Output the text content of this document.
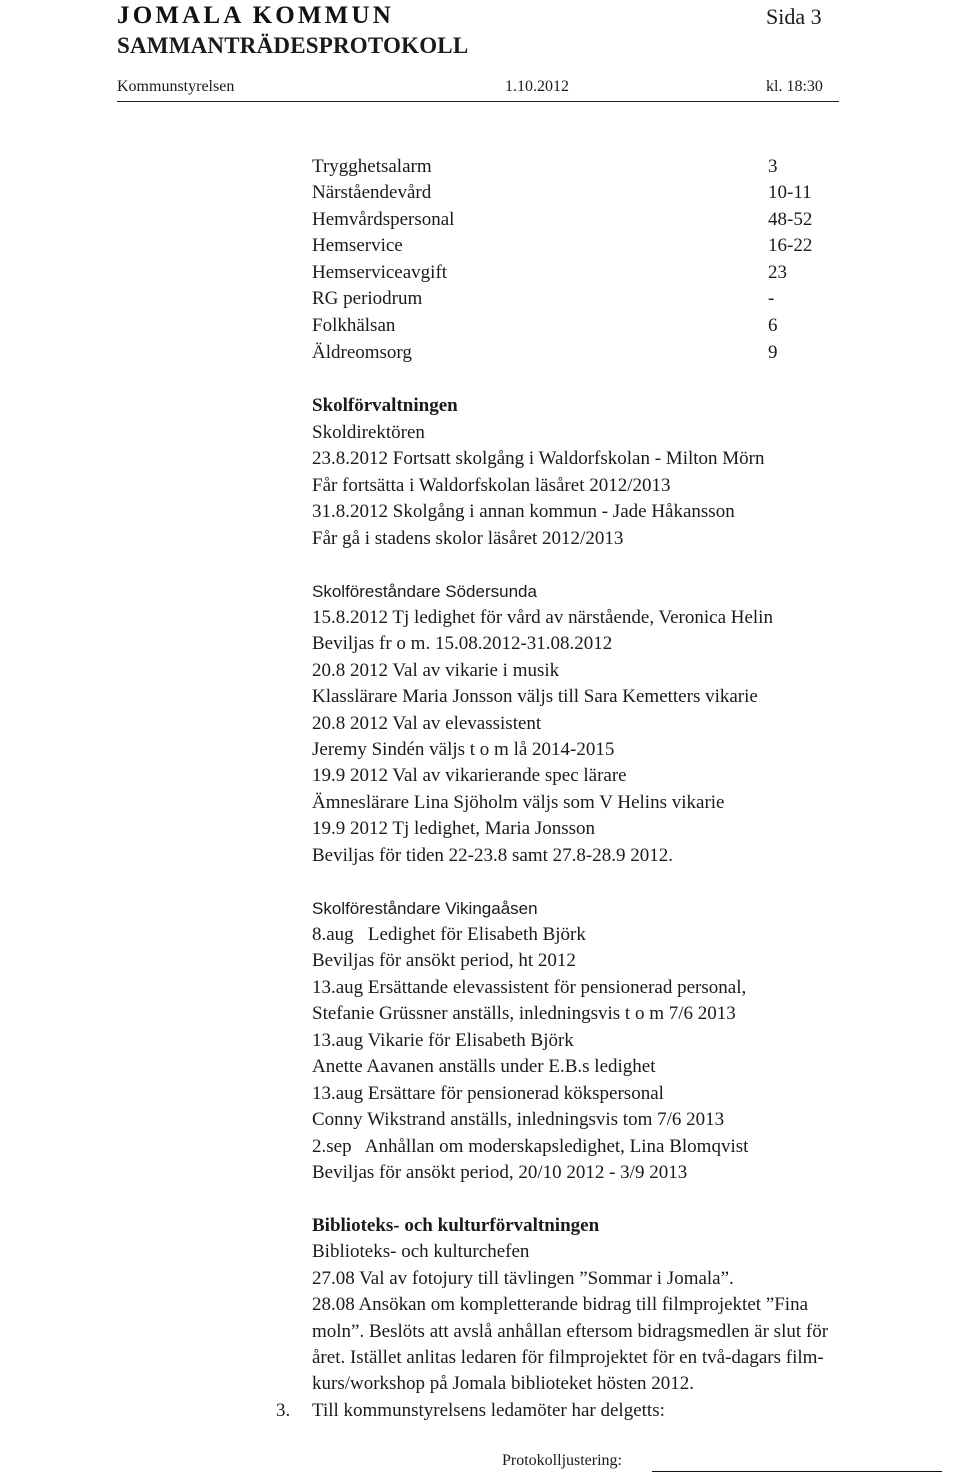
JOMALA KOMMUN	Sida 3
SAMMANTRÄDESPROTOKOLL
Kommunstyrelsen	1.10.2012	kl. 18:30
Trygghetsalarm	3
Närståendevård	10-11
Hemvårdspersonal	48-52
Hemservice	16-22
Hemserviceavgift	23
RG periodrum	-
Folkhälsan	6
Äldreomsorg	9
Skolförvaltningen
Skoldirektören
23.8.2012 Fortsatt skolgång i Waldorfskolan - Milton Mörn
Får fortsätta i Waldorfskolan läsåret 2012/2013
31.8.2012 Skolgång i annan kommun - Jade Håkansson
Får gå i stadens skolor läsåret 2012/2013
Skolföreståndare Södersunda
15.8.2012 Tj ledighet för vård av närstående, Veronica Helin
Beviljas fr o m. 15.08.2012-31.08.2012
20.8 2012 Val av vikarie i musik
Klasslärare Maria Jonsson väljs till Sara Kemetters vikarie
20.8 2012 Val av elevassistent
Jeremy Sindén väljs t o m lå 2014-2015
19.9 2012 Val av vikarierande spec lärare
Ämneslärare Lina Sjöholm väljs som V Helins vikarie
19.9 2012 Tj ledighet, Maria Jonsson
Beviljas för tiden 22-23.8 samt 27.8-28.9 2012.
Skolföreståndare Vikingaåsen
8.aug   Ledighet för Elisabeth Björk
Beviljas för ansökt period, ht 2012
13.aug Ersättande elevassistent för pensionerad personal,
Stefanie Grüssner anställs, inledningsvis t o m 7/6 2013
13.aug Vikarie för Elisabeth Björk
Anette Aavanen anställs under E.B.s ledighet
13.aug Ersättare för pensionerad kökspersonal
Conny Wikstrand anställs, inledningsvis tom 7/6 2013
2.sep   Anhållan om moderskapsledighet, Lina Blomqvist
Beviljas för ansökt period, 20/10 2012 - 3/9 2013
Biblioteks- och kulturförvaltningen
Biblioteks- och kulturchefen
27.08 Val av fotojury till tävlingen ”Sommar i Jomala”.
28.08 Ansökan om kompletterande bidrag till filmprojektet ”Fina
moln”. Beslöts att avslå anhållan eftersom bidragsmedlen är slut för
året. Istället anlitas ledaren för filmprojektet för en två-dagars film-
kurs/workshop på Jomala biblioteket hösten 2012.
3. Till kommunstyrelsens ledamöter har delgetts:
Protokolljustering:
